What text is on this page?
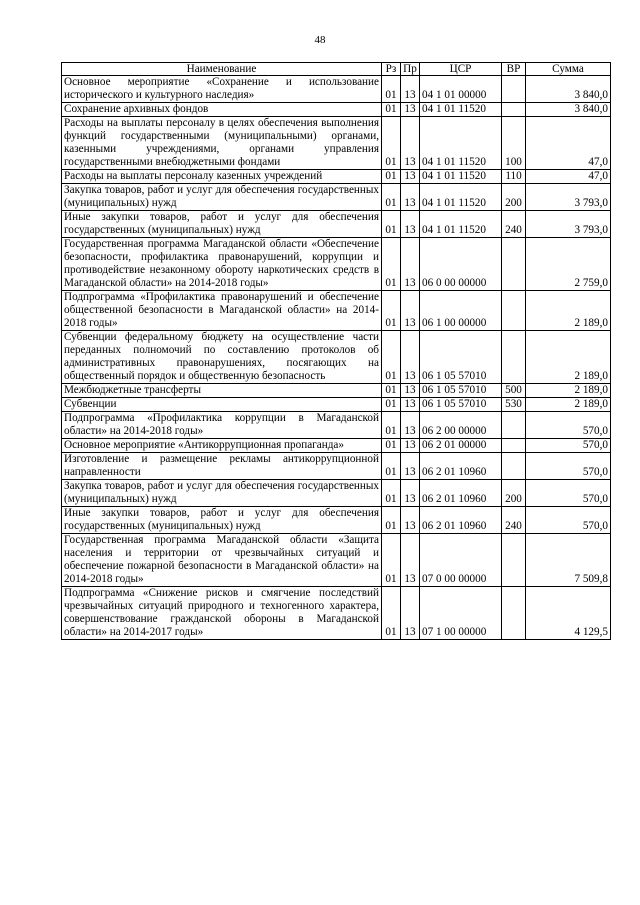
48
Наименование	Рз	Пр	ЦСР	ВР	Сумма
Основное мероприятие «Сохранение и использование исторического и культурного наследия»	01	13	04 1 01 00000		3 840,0
Сохранение архивных фондов	01	13	04 1 01 11520		3 840,0
Расходы на выплаты персоналу в целях обеспечения выполнения функций государственными (муниципальными) органами, казенными учреждениями, органами управления государственными внебюджетными фондами	01	13	04 1 01 11520	100	47,0
Расходы на выплаты персоналу казенных учреждений	01	13	04 1 01 11520	110	47,0
Закупка товаров, работ и услуг для обеспечения государственных (муниципальных) нужд	01	13	04 1 01 11520	200	3 793,0
Иные закупки товаров, работ и услуг для обеспечения государственных (муниципальных) нужд	01	13	04 1 01 11520	240	3 793,0
Государственная программа Магаданской области «Обеспечение безопасности, профилактика правонарушений, коррупции и противодействие незаконному обороту наркотических средств в Магаданской области» на 2014-2018 годы»	01	13	06 0 00 00000		2 759,0
Подпрограмма «Профилактика правонарушений и обеспечение общественной безопасности в Магаданской области» на 2014-2018 годы»	01	13	06 1 00 00000		2 189,0
Субвенции федеральному бюджету на осуществление части переданных полномочий по составлению протоколов об административных правонарушениях, посягающих на общественный порядок и общественную безопасность	01	13	06 1 05 57010		2 189,0
Межбюджетные трансферты	01	13	06 1 05 57010	500	2 189,0
Субвенции	01	13	06 1 05 57010	530	2 189,0
Подпрограмма «Профилактика коррупции в Магаданской области» на 2014-2018 годы»	01	13	06 2 00 00000		570,0
Основное мероприятие «Антикоррупционная пропаганда»	01	13	06 2 01 00000		570,0
Изготовление и размещение рекламы антикоррупционной направленности	01	13	06 2 01 10960		570,0
Закупка товаров, работ и услуг для обеспечения государственных (муниципальных) нужд	01	13	06 2 01 10960	200	570,0
Иные закупки товаров, работ и услуг для обеспечения государственных (муниципальных) нужд	01	13	06 2 01 10960	240	570,0
Государственная программа Магаданской области «Защита населения и территории от чрезвычайных ситуаций и обеспечение пожарной безопасности в Магаданской области» на 2014-2018 годы»	01	13	07 0 00 00000		7 509,8
Подпрограмма «Снижение рисков и смягчение последствий чрезвычайных ситуаций природного и техногенного характера, совершенствование гражданской обороны в Магаданской области» на 2014-2017 годы»	01	13	07 1 00 00000		4 129,5
